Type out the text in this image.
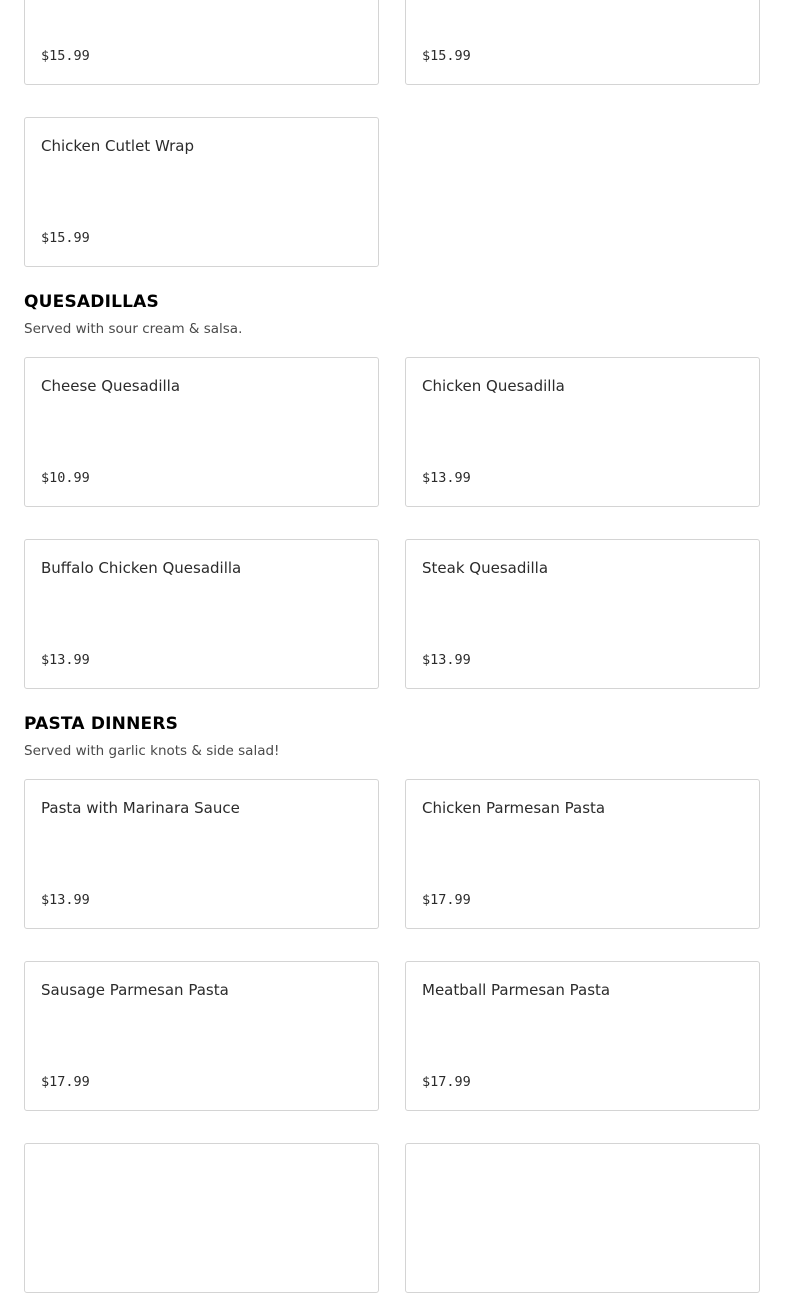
$15.99	$15.99
Chicken Cutlet Wrap
$15.99
QUESADILLAS

Served with sour cream & salsa.

Cheese Quesadilla
$10.99
Chicken Quesadilla
$13.99
Buffalo Chicken Quesadilla
$13.99
Steak Quesadilla
$13.99
PASTA DINNERS

Served with garlic knots & side salad!

Pasta with Marinara Sauce
$13.99
Chicken Parmesan Pasta
$17.99
Sausage Parmesan Pasta
$17.99
Meatball Parmesan Pasta
$17.99
